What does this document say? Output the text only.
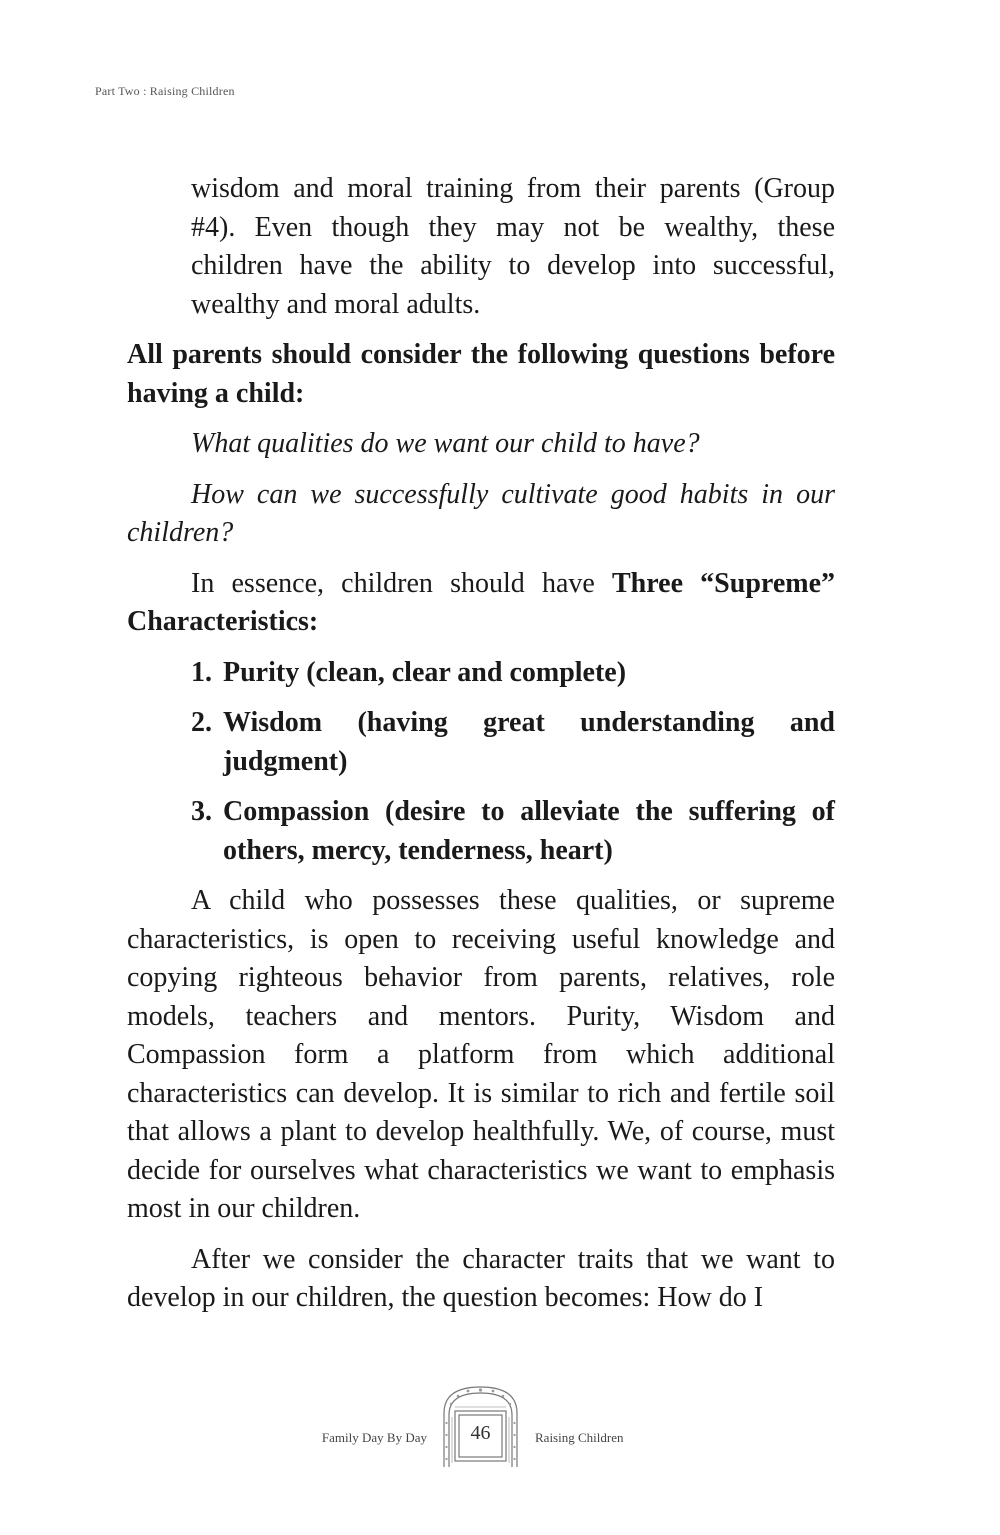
Part Two : Raising Children

wisdom and moral training from their parents (Group #4). Even though they may not be wealthy, these children have the ability to develop into successful, wealthy and moral adults.

All parents should consider the following questions before having a child:

What qualities do we want our child to have?

How can we successfully cultivate good habits in our children?

In essence, children should have Three “Supreme” Characteristics:

1. Purity (clean, clear and complete)
2. Wisdom (having great understanding and judgment)
3. Compassion (desire to alleviate the suffering of others, mercy, tenderness, heart)

A child who possesses these qualities, or supreme characteristics, is open to receiving useful knowledge and copying righteous behavior from parents, relatives, role models, teachers and mentors. Purity, Wisdom and Compassion form a platform from which additional characteristics can develop. It is similar to rich and fertile soil that allows a plant to develop healthfully. We, of course, must decide for ourselves what characteristics we want to emphasis most in our children.

After we consider the character traits that we want to develop in our children, the question becomes: How do I

Family Day By Day	46	Raising Children
